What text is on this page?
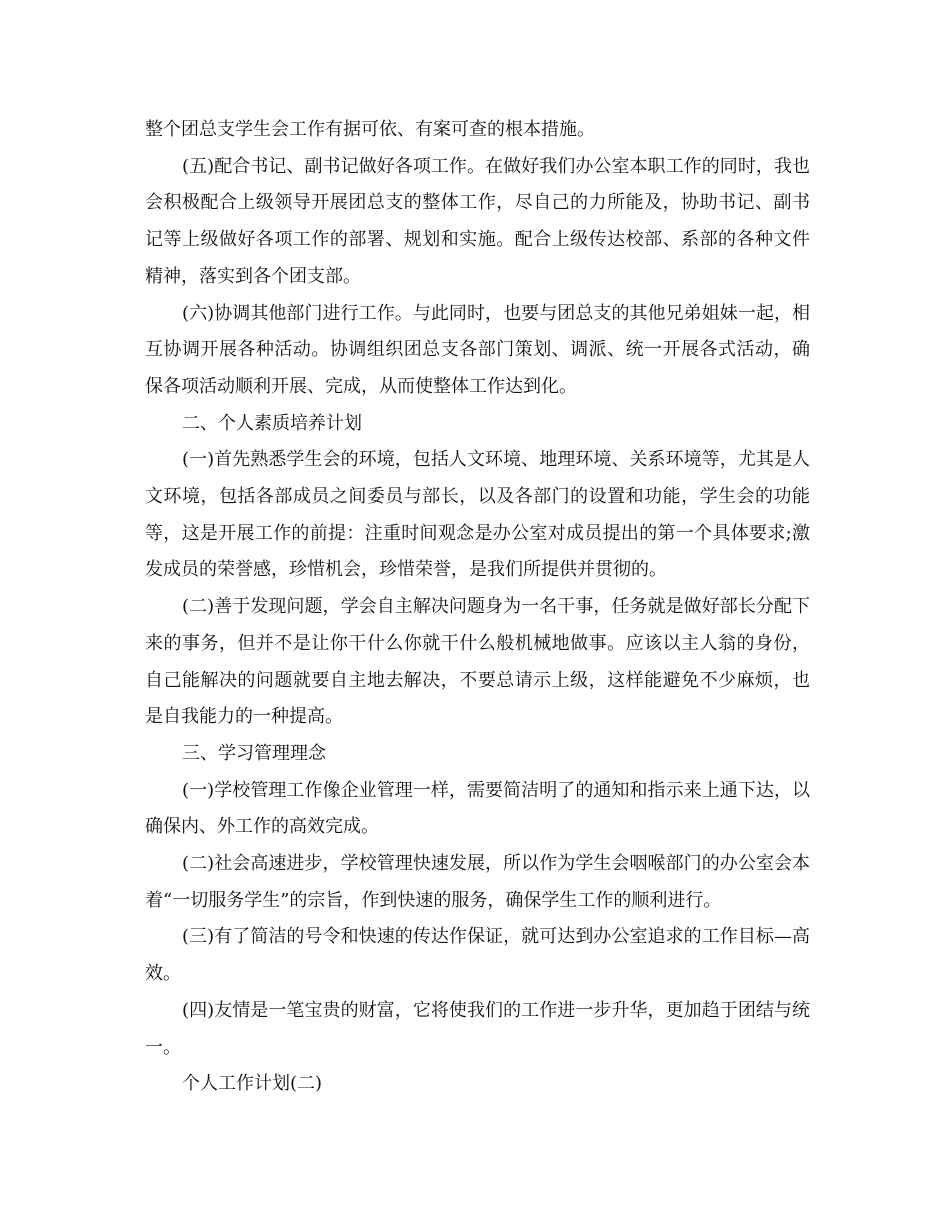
整个团总支学生会工作有据可依、有案可查的根本措施。

(五)配合书记、副书记做好各项工作。在做好我们办公室本职工作的同时，我也会积极配合上级领导开展团总支的整体工作，尽自己的力所能及，协助书记、副书记等上级做好各项工作的部署、规划和实施。配合上级传达校部、系部的各种文件精神，落实到各个团支部。

(六)协调其他部门进行工作。与此同时，也要与团总支的其他兄弟姐妹一起，相互协调开展各种活动。协调组织团总支各部门策划、调派、统一开展各式活动，确保各项活动顺利开展、完成，从而使整体工作达到化。

二、个人素质培养计划

(一)首先熟悉学生会的环境，包括人文环境、地理环境、关系环境等，尤其是人文环境，包括各部成员之间委员与部长，以及各部门的设置和功能，学生会的功能等，这是开展工作的前提：注重时间观念是办公室对成员提出的第一个具体要求;激发成员的荣誉感，珍惜机会，珍惜荣誉，是我们所提供并贯彻的。

(二)善于发现问题，学会自主解决问题身为一名干事，任务就是做好部长分配下来的事务，但并不是让你干什么你就干什么般机械地做事。应该以主人翁的身份，自己能解决的问题就要自主地去解决，不要总请示上级，这样能避免不少麻烦，也是自我能力的一种提高。

三、学习管理理念

(一)学校管理工作像企业管理一样，需要简洁明了的通知和指示来上通下达，以确保内、外工作的高效完成。

(二)社会高速进步，学校管理快速发展，所以作为学生会咽喉部门的办公室会本着“一切服务学生”的宗旨，作到快速的服务，确保学生工作的顺利进行。

(三)有了简洁的号令和快速的传达作保证，就可达到办公室追求的工作目标—高效。

(四)友情是一笔宝贵的财富，它将使我们的工作进一步升华，更加趋于团结与统一。

个人工作计划(二)
